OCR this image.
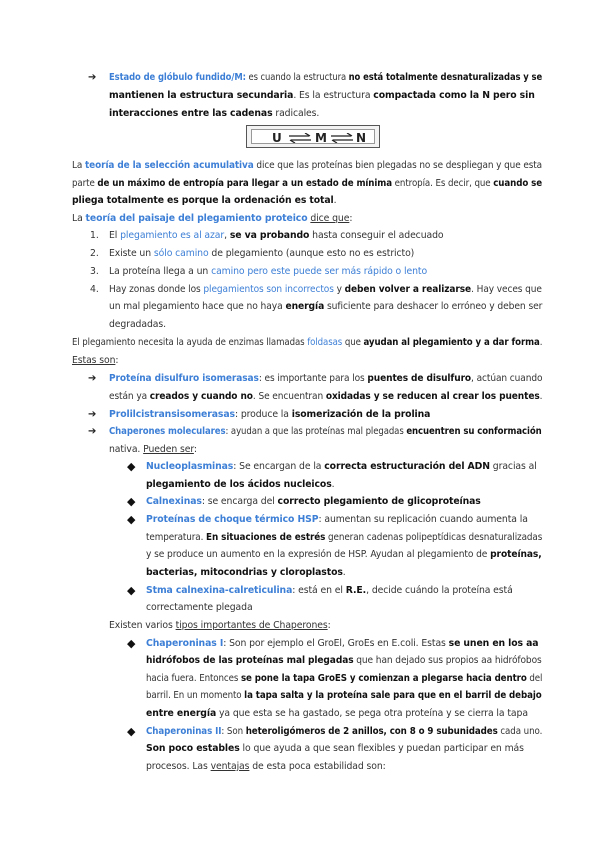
➔ Estado de glóbulo fundido/M: es cuando la estructura no está totalmente desnaturalizadas y se
mantienen la estructura secundaria. Es la estructura compactada como la N pero sin
interacciones entre las cadenas radicales.
U ⇌ M ⇌ N
La teoría de la selección acumulativa dice que las proteínas bien plegadas no se despliegan y que esta
parte de un máximo de entropía para llegar a un estado de mínima entropía. Es decir, que cuando se
pliega totalmente es porque la ordenación es total.
La teoría del paisaje del plegamiento proteico dice que:
1. El plegamiento es al azar, se va probando hasta conseguir el adecuado
2. Existe un sólo camino de plegamiento (aunque esto no es estricto)
3. La proteína llega a un camino pero este puede ser más rápido o lento
4. Hay zonas donde los plegamientos son incorrectos y deben volver a realizarse. Hay veces que
un mal plegamiento hace que no haya energía suficiente para deshacer lo erróneo y deben ser
degradadas.
El plegamiento necesita la ayuda de enzimas llamadas foldasas que ayudan al plegamiento y a dar forma.
Estas son:
➔ Proteína disulfuro isomerasas: es importante para los puentes de disulfuro, actúan cuando
están ya creados y cuando no. Se encuentran oxidadas y se reducen al crear los puentes.
➔ Prolilcistransisomerasas: produce la isomerización de la prolina
➔ Chaperones moleculares: ayudan a que las proteínas mal plegadas encuentren su conformación
nativa. Pueden ser:
◆ Nucleoplasminas: Se encargan de la correcta estructuración del ADN gracias al
plegamiento de los ácidos nucleicos.
◆ Calnexinas: se encarga del correcto plegamiento de glicoproteínas
◆ Proteínas de choque térmico HSP: aumentan su replicación cuando aumenta la
temperatura. En situaciones de estrés generan cadenas polipeptídicas desnaturalizadas
y se produce un aumento en la expresión de HSP. Ayudan al plegamiento de proteínas,
bacterias, mitocondrias y cloroplastos.
◆ Stma calnexina-calreticulina: está en el R.E., decide cuándo la proteína está
correctamente plegada
Existen varios tipos importantes de Chaperones:
◆ Chaperoninas I: Son por ejemplo el GroEl, GroEs en E.coli. Estas se unen en los aa
hidrófobos de las proteínas mal plegadas que han dejado sus propios aa hidrófobos
hacia fuera. Entonces se pone la tapa GroES y comienzan a plegarse hacia dentro del
barril. En un momento la tapa salta y la proteína sale para que en el barril de debajo
entre energía ya que esta se ha gastado, se pega otra proteína y se cierra la tapa
◆ Chaperoninas II: Son heteroligómeros de 2 anillos, con 8 o 9 subunidades cada uno.
Son poco estables lo que ayuda a que sean flexibles y puedan participar en más
procesos. Las ventajas de esta poca estabilidad son:
